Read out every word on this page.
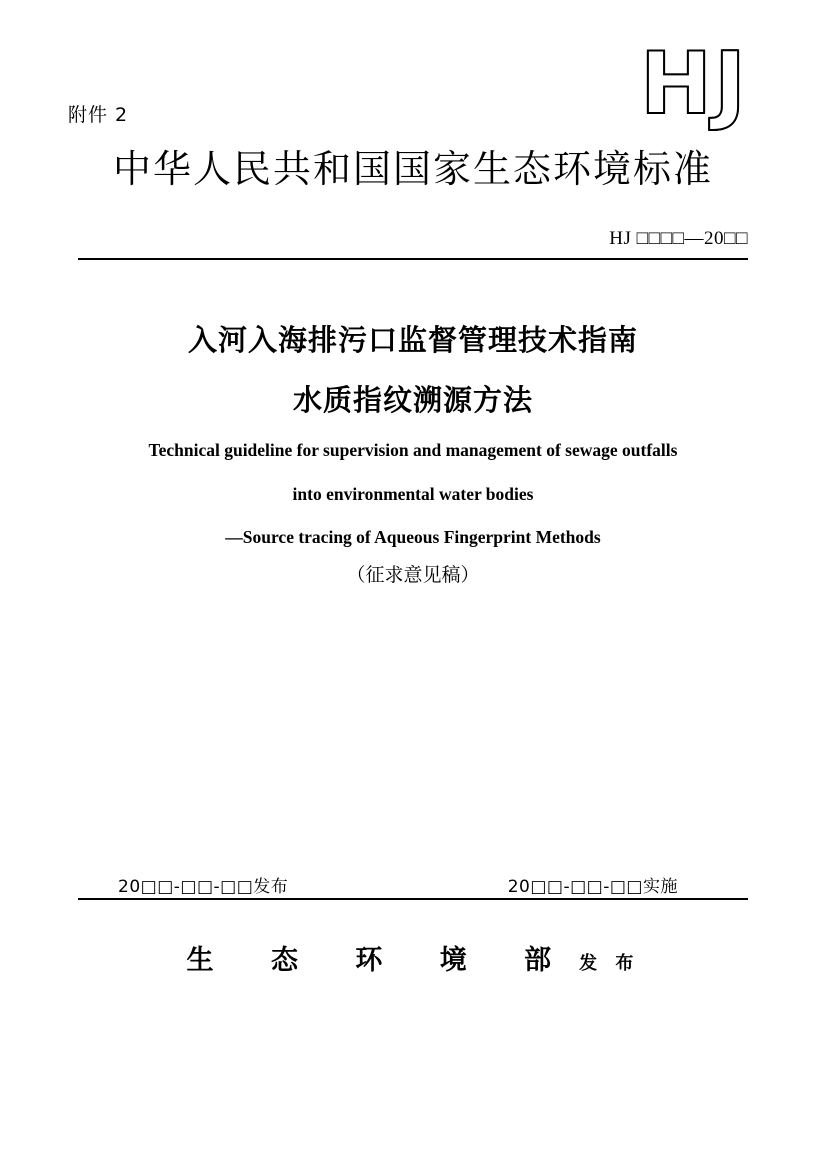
附件 2	HJ
中华人民共和国国家生态环境标准
HJ □□□□—20□□
入河入海排污口监督管理技术指南
水质指纹溯源方法
Technical guideline for supervision and management of sewage outfalls
into environmental water bodies
—Source tracing of Aqueous Fingerprint Methods
（征求意见稿）
20□□-□□-□□发布	20□□-□□-□□实施
生 态 环 境 部 发 布
